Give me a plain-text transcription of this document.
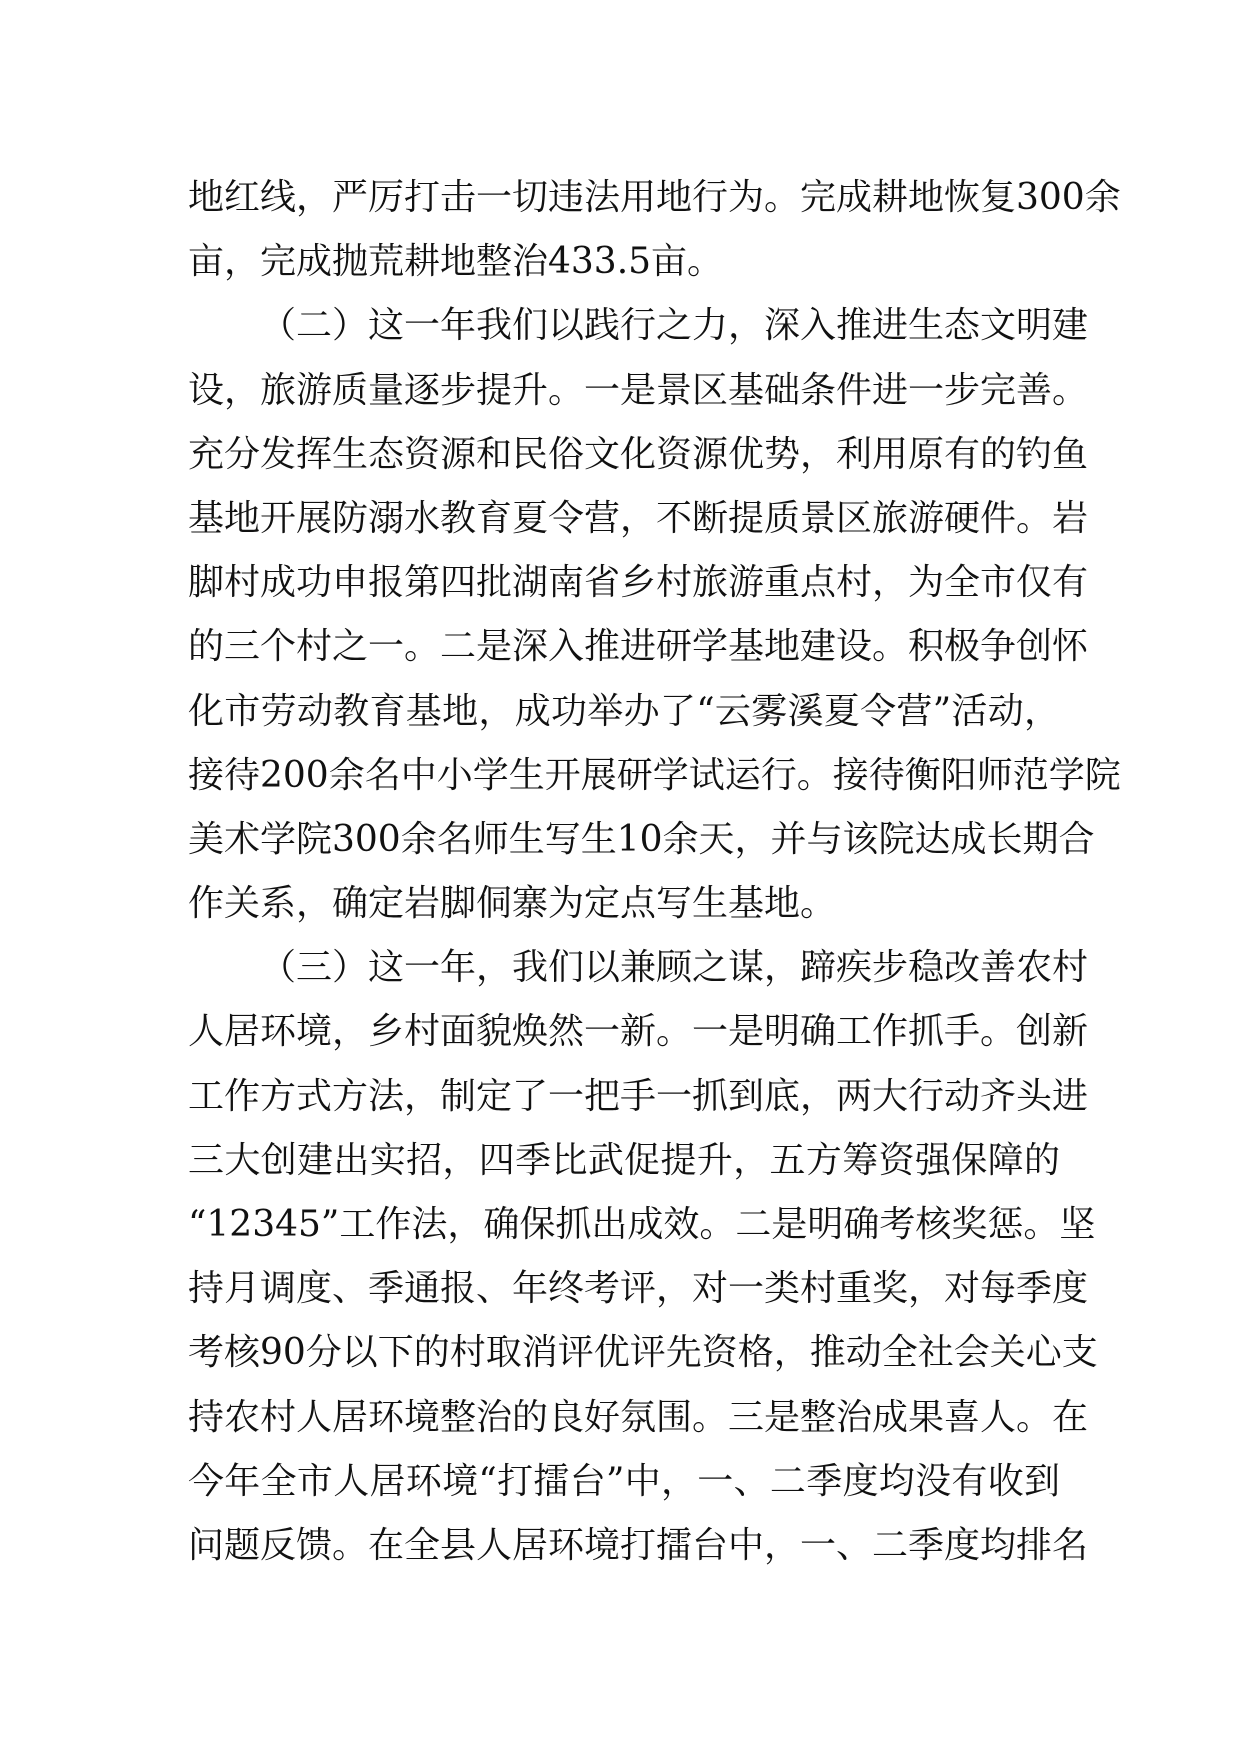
地红线，严厉打击一切违法用地行为。完成耕地恢复300余
亩，完成抛荒耕地整治433.5亩。
（二）这一年我们以践行之力，深入推进生态文明建
设，旅游质量逐步提升。一是景区基础条件进一步完善。
充分发挥生态资源和民俗文化资源优势，利用原有的钓鱼
基地开展防溺水教育夏令营，不断提质景区旅游硬件。岩
脚村成功申报第四批湖南省乡村旅游重点村，为全市仅有
的三个村之一。二是深入推进研学基地建设。积极争创怀
化市劳动教育基地，成功举办了“云雾溪夏令营”活动，
接待200余名中小学生开展研学试运行。接待衡阳师范学院
美术学院300余名师生写生10余天，并与该院达成长期合
作关系，确定岩脚侗寨为定点写生基地。
（三）这一年，我们以兼顾之谋，蹄疾步稳改善农村
人居环境，乡村面貌焕然一新。一是明确工作抓手。创新
工作方式方法，制定了一把手一抓到底，两大行动齐头进
三大创建出实招，四季比武促提升，五方筹资强保障的
“12345”工作法，确保抓出成效。二是明确考核奖惩。坚
持月调度、季通报、年终考评，对一类村重奖，对每季度
考核90分以下的村取消评优评先资格，推动全社会关心支
持农村人居环境整治的良好氛围。三是整治成果喜人。在
今年全市人居环境“打擂台”中，一、二季度均没有收到
问题反馈。在全县人居环境打擂台中，一、二季度均排名
